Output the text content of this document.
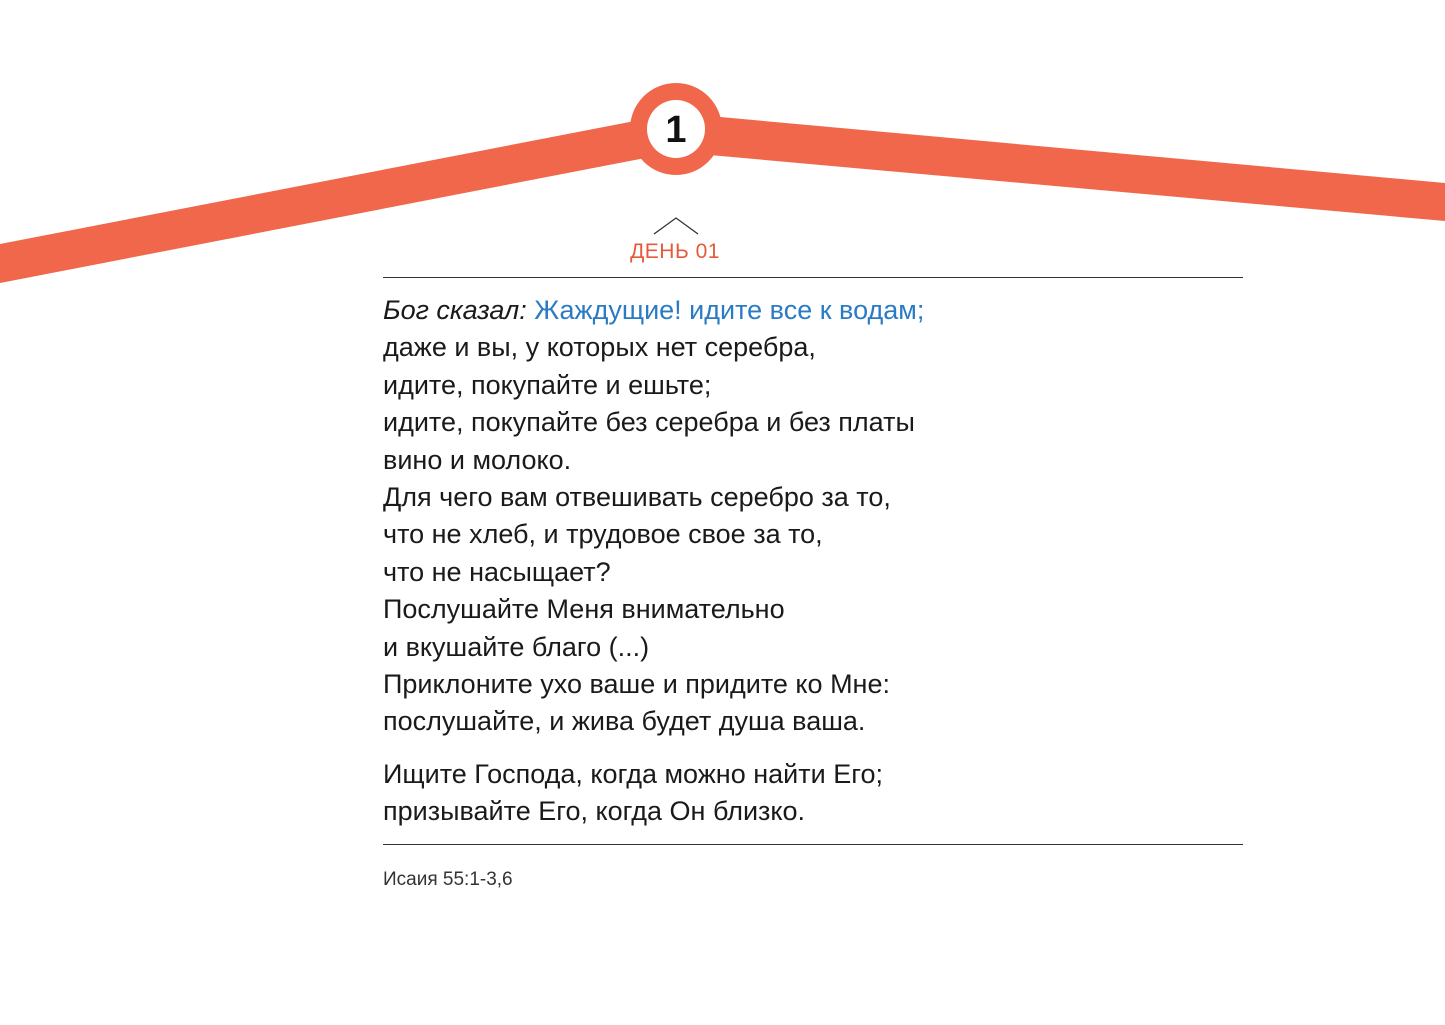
1
ДЕНЬ 01
Бог сказал: Жаждущие! идите все к водам;
даже и вы, у которых нет серебра,
идите, покупайте и ешьте;
идите, покупайте без серебра и без платы
вино и молоко.
Для чего вам отвешивать серебро за то,
что не хлеб, и трудовое свое за то,
что не насыщает?
Послушайте Меня внимательно
и вкушайте благо (...)
Приклоните ухо ваше и придите ко Мне:
послушайте, и жива будет душа ваша.
Ищите Господа, когда можно найти Его;
призывайте Его, когда Он близко.
Исаия 55:1-3,6
